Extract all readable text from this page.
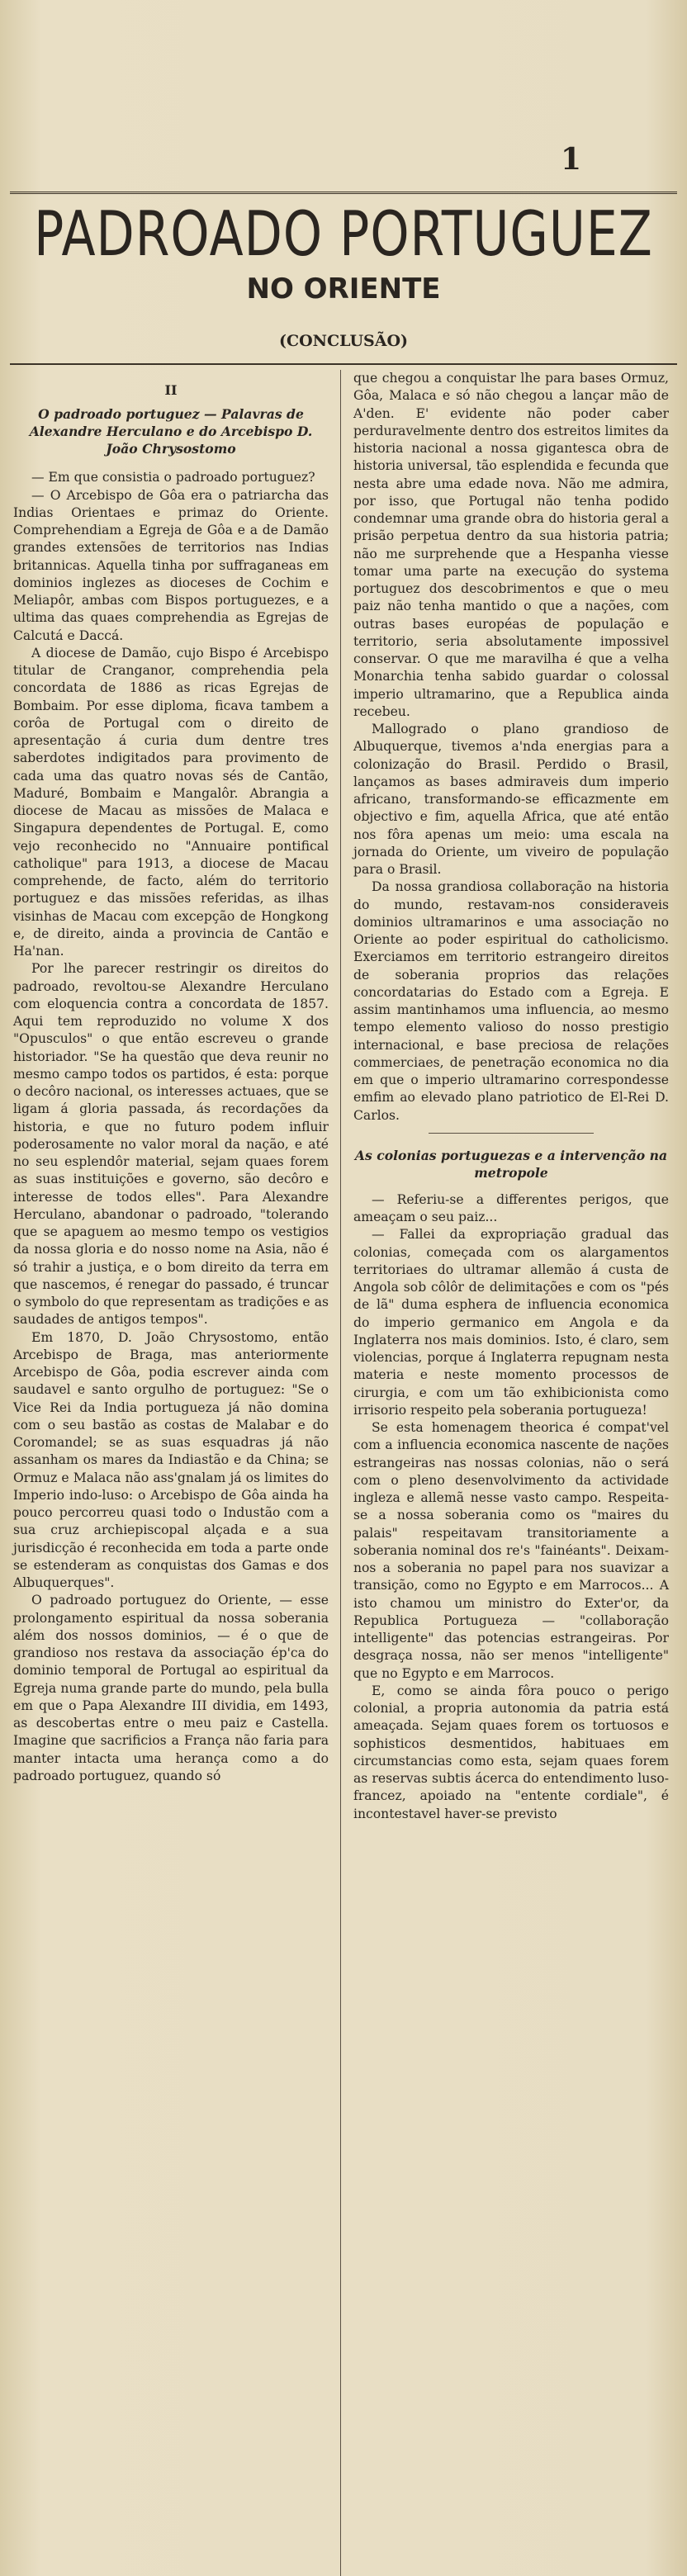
1
PADROADO PORTUGUEZ
NO ORIENTE
(CONCLUSÃO)
II
O padroado portuguez — Palavras de Alexandre Herculano e do Arcebispo D. João Chrysostomo

— Em que consistia o padroado portuguez?

— O Arcebispo de Gôa era o patriarcha das Indias Orientaes e primaz do Oriente. Comprehendiam a Egreja de Gôa e a de Damão grandes extensões de territorios nas Indias britannicas. Aquella tinha por suffraganeas em dominios inglezes as dioceses de Cochim e Meliapôr, ambas com Bispos portuguezes, e a ultima das quaes comprehendia as Egrejas de Calcutá e Daccá.

A diocese de Damão, cujo Bispo é Arcebispo titular de Cranganor, comprehendia pela concordata de 1886 as ricas Egrejas de Bombaim. Por esse diploma, ficava tambem a corôa de Portugal com o direito de apresentação á curia dum dentre tres saberdotes indigitados para provimento de cada uma das quatro novas sés de Cantão, Maduré, Bombaim e Mangalôr. Abrangia a diocese de Macau as missões de Malaca e Singapura dependentes de Portugal. E, como vejo reconhecido no "Annuaire pontifical catholique" para 1913, a diocese de Macau comprehende, de facto, além do territorio portuguez e das missões referidas, as ilhas visinhas de Macau com excepção de Hongkong e, de direito, ainda a provincia de Cantão e Ha'nan.

Por lhe parecer restringir os direitos do padroado, revoltou-se Alexandre Herculano com eloquencia contra a concordata de 1857. Aqui tem reproduzido no volume X dos "Opusculos" o que então escreveu o grande historiador. "Se ha questão que deva reunir no mesmo campo todos os partidos, é esta: porque o decôro nacional, os interesses actuaes, que se ligam á gloria passada, ás recordações da historia, e que no futuro podem influir poderosamente no valor moral da nação, e até no seu esplendôr material, sejam quaes forem as suas instituições e governo, são decôro e interesse de todos elles". Para Alexandre Herculano, abandonar o padroado, "tolerando que se apaguem ao mesmo tempo os vestigios da nossa gloria e do nosso nome na Asia, não é só trahir a justiça, e o bom direito da terra em que nascemos, é renegar do passado, é truncar o symbolo do que representam as tradições e as saudades de antigos tempos".

Em 1870, D. João Chrysostomo, então Arcebispo de Braga, mas anteriormente Arcebispo de Gôa, podia escrever ainda com saudavel e santo orgulho de portuguez: "Se o Vice Rei da India portugueza já não domina com o seu bastão as costas de Malabar e do Coromandel; se as suas esquadras já não assanham os mares da Indiastão e da China; se Ormuz e Malaca não ass'gnalam já os limites do Imperio indo-luso: o Arcebispo de Gôa ainda ha pouco percorreu quasi todo o Industão com a sua cruz archiepiscopal alçada e a sua jurisdicção é reconhecida em toda a parte onde se estenderam as conquistas dos Gamas e dos Albuquerques".

O padroado portuguez do Oriente, — esse prolongamento espiritual da nossa soberania além dos nossos dominios, — é o que de grandioso nos restava da associação ép'ca do dominio temporal de Portugal ao espiritual da Egreja numa grande parte do mundo, pela bulla em que o Papa Alexandre III dividia, em 1493, as descobertas entre o meu paiz e Castella. Imagine que sacrificios a França não faria para manter intacta uma herança como a do padroado portuguez, quando só

que chegou a conquistar lhe para bases Ormuz, Gôa, Malaca e só não chegou a lançar mão de A'den. E' evidente não poder caber perduravelmente dentro dos estreitos limites da historia nacional a nossa gigantesca obra de historia universal, tão esplendida e fecunda que nesta abre uma edade nova. Não me admira, por isso, que Portugal não tenha podido condemnar uma grande obra do historia geral a prisão perpetua dentro da sua historia patria; não me surprehende que a Hespanha viesse tomar uma parte na execução do systema portuguez dos descobrimentos e que o meu paiz não tenha mantido o que a nações, com outras bases européas de população e territorio, seria absolutamente impossivel conservar. O que me maravilha é que a velha Monarchia tenha sabido guardar o colossal imperio ultramarino, que a Republica ainda recebeu.

Mallogrado o plano grandioso de Albuquerque, tivemos a'nda energias para a colonização do Brasil. Perdido o Brasil, lançamos as bases admiraveis dum imperio africano, transformando-se efficazmente em objectivo e fim, aquella Africa, que até então nos fôra apenas um meio: uma escala na jornada do Oriente, um viveiro de população para o Brasil.

Da nossa grandiosa collaboração na historia do mundo, restavam-nos consideraveis dominios ultramarinos e uma associação no Oriente ao poder espiritual do catholicismo. Exerciamos em territorio estrangeiro direitos de soberania proprios das relações concordatarias do Estado com a Egreja. E assim mantinhamos uma influencia, ao mesmo tempo elemento valioso do nosso prestigio internacional, e base preciosa de relações commerciaes, de penetração economica no dia em que o imperio ultramarino correspondesse emfim ao elevado plano patriotico de El-Rei D. Carlos.

As colonias portuguezas e a intervenção na metropole

— Referiu-se a differentes perigos, que ameaçam o seu paiz...

— Fallei da expropriação gradual das colonias, começada com os alargamentos territoriaes do ultramar allemão á custa de Angola sob côlôr de delimitações e com os "pés de lã" duma esphera de influencia economica do imperio germanico em Angola e da Inglaterra nos mais dominios. Isto, é claro, sem violencias, porque á Inglaterra repugnam nesta materia e neste momento processos de cirurgia, e com um tão exhibicionista como irrisorio respeito pela soberania portugueza!

Se esta homenagem theorica é compat'vel com a influencia economica nascente de nações estrangeiras nas nossas colonias, não o será com o pleno desenvolvimento da actividade ingleza e allemã nesse vasto campo. Respeita-se a nossa soberania como os "maires du palais" respeitavam transitoriamente a soberania nominal dos re's "fainéants". Deixam-nos a soberania no papel para nos suavizar a transição, como no Egypto e em Marrocos... A isto chamou um ministro do Exter'or, da Republica Portugueza — "collaboração intelligente" das potencias estrangeiras. Por desgraça nossa, não ser menos "intelligente" que no Egypto e em Marrocos.

E, como se ainda fôra pouco o perigo colonial, a propria autonomia da patria está ameaçada. Sejam quaes forem os tortuosos e sophisticos desmentidos, habituaes em circumstancias como esta, sejam quaes forem as reservas subtis ácerca do entendimento luso-francez, apoiado na "entente cordiale", é incontestavel haver-se previsto
